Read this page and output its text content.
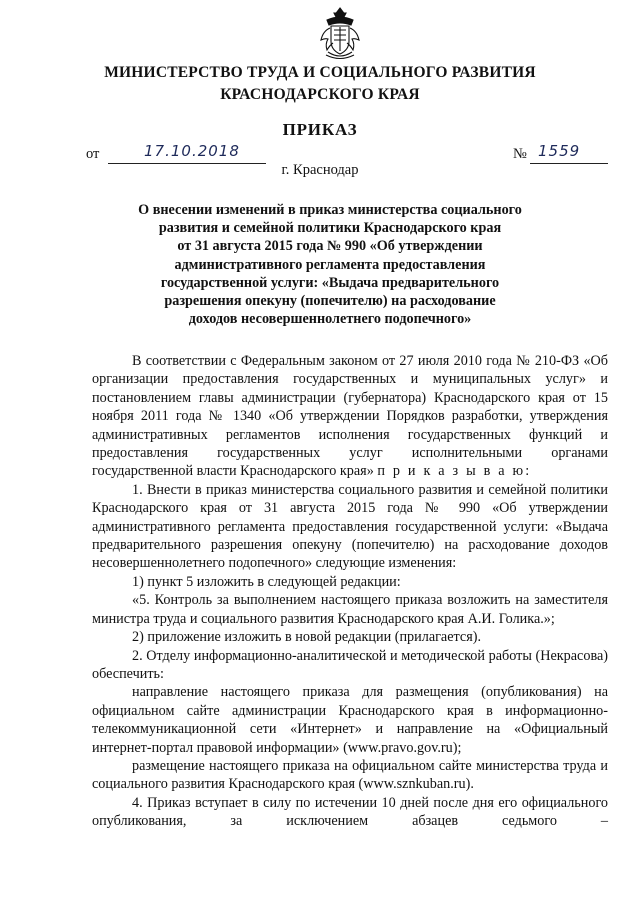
МИНИСТЕРСТВО ТРУДА И СОЦИАЛЬНОГО РАЗВИТИЯ
КРАСНОДАРСКОГО КРАЯ
ПРИКАЗ
от	17.10.2018	№ 1559
г. Краснодар
О внесении изменений в приказ министерства социального
развития и семейной политики Краснодарского края
от 31 августа 2015 года № 990 «Об утверждении
административного регламента предоставления
государственной услуги: «Выдача предварительного
разрешения опекуну (попечителю) на расходование
доходов несовершеннолетнего подопечного»

В соответствии с Федеральным законом от 27 июля 2010 года № 210-ФЗ «Об организации предоставления государственных и муниципальных услуг» и постановлением главы администрации (губернатора) Краснодарского края от 15 ноября 2011 года № 1340 «Об утверждении Порядков разработки, утверждения административных регламентов исполнения государственных функций и предоставления государственных услуг исполнительными органами государственной власти Краснодарского края» п р и к а з ы в а ю:

1. Внести в приказ министерства социального развития и семейной политики Краснодарского края от 31 августа 2015 года № 990 «Об утверждении административного регламента предоставления государственной услуги: «Выдача предварительного разрешения опекуну (попечителю) на расходование доходов несовершеннолетнего подопечного» следующие изменения:

1) пункт 5 изложить в следующей редакции:

«5. Контроль за выполнением настоящего приказа возложить на заместителя министра труда и социального развития Краснодарского края А.И. Голика.»;

2) приложение изложить в новой редакции (прилагается).

2. Отделу информационно-аналитической и методической работы (Некрасова) обеспечить:

направление настоящего приказа для размещения (опубликования) на официальном сайте администрации Краснодарского края в информационно-телекоммуникационной сети «Интернет» и направление на «Официальный интернет-портал правовой информации» (www.pravo.gov.ru);

размещение настоящего приказа на официальном сайте министерства труда и социального развития Краснодарского края (www.sznkuban.ru).

4. Приказ вступает в силу по истечении 10 дней после дня его официального опубликования, за исключением абзацев седьмого –
